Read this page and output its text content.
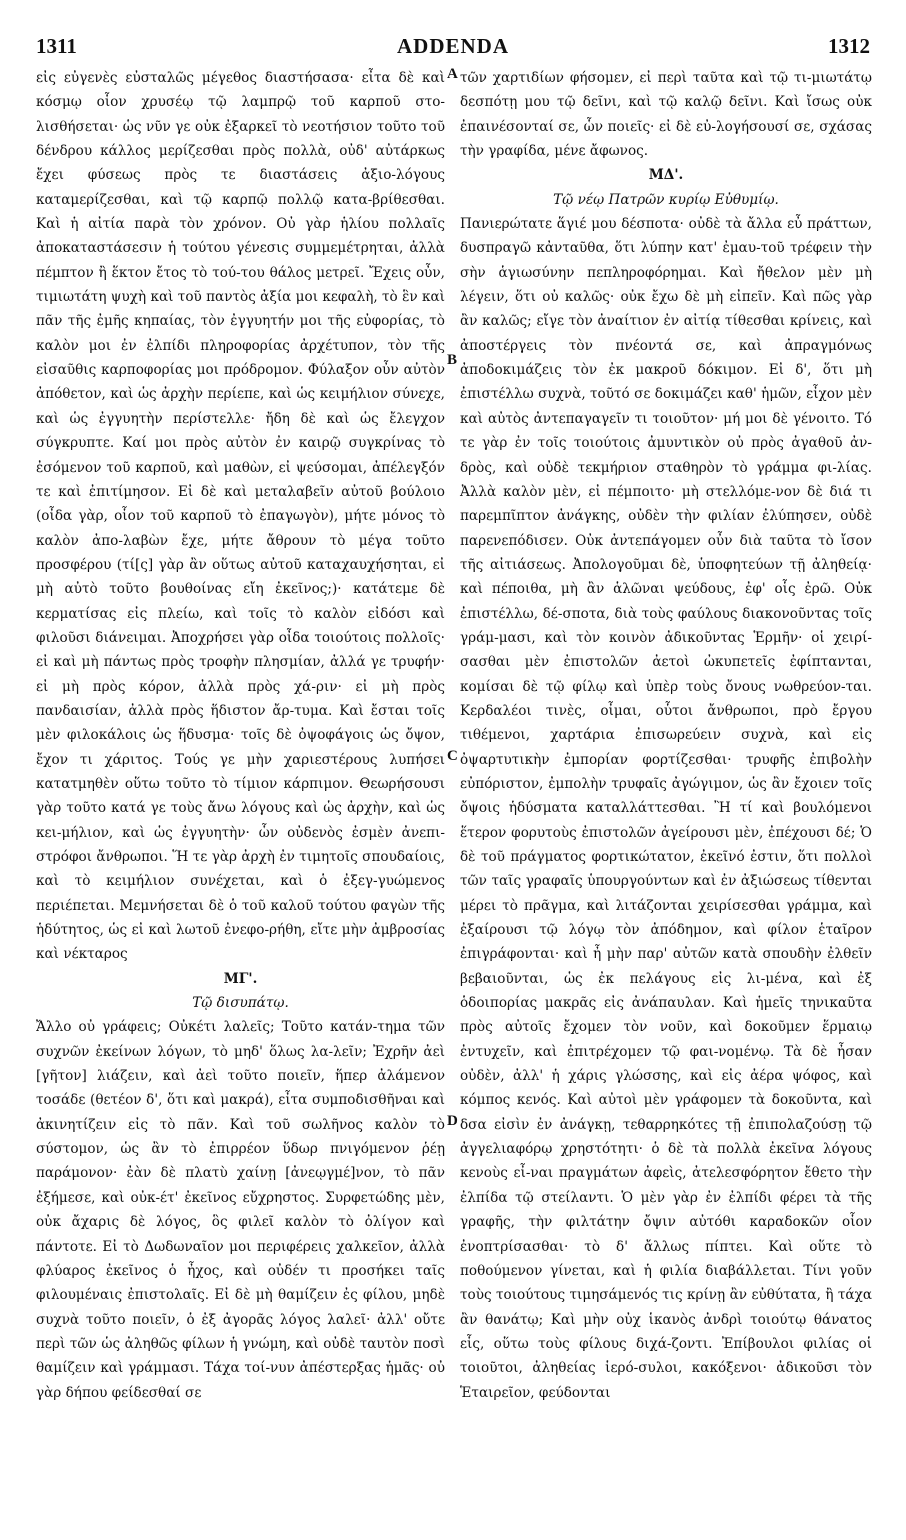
1311	ADDENDA	1312

εἰς εὐγενὲς εὐσταλῶς μέγεθος διαστήσασα· εἶτα δὲ καὶ κόσμῳ οἷον χρυσέῳ τῷ λαμπρῷ τοῦ καρποῦ στο-λισθήσεται· ὡς νῦν γε οὐκ ἐξαρκεῖ τὸ νεοτήσιον τοῦτο τοῦ δένδρου κάλλος μερίζεσθαι πρὸς πολλὰ, οὐδ' αὐτάρκως ἔχει φύσεως πρὸς τε διαστάσεις ἀξιο-λόγους καταμερίζεσθαι, καὶ τῷ καρπῷ πολλῷ κατα-βρίθεσθαι. Καὶ ἡ αἰτία παρὰ τὸν χρόνον. Οὐ γὰρ ἡλίου πολλαῖς ἀποκαταστάσεσιν ἡ τούτου γένεσις συμμεμέτρηται, ἀλλὰ πέμπτον ἢ ἕκτον ἔτος τὸ τού-του θάλος μετρεῖ. Ἔχεις οὖν, τιμιωτάτη ψυχὴ καὶ τοῦ παντὸς ἀξία μοι κεφαλὴ, τὸ ἓν καὶ πᾶν τῆς ἐμῆς κηπαίας, τὸν ἐγγυητήν μοι τῆς εὐφορίας, τὸ καλὸν μοι ἐν ἐλπίδι πληροφορίας ἀρχέτυπον, τὸν τῆς εἰσαῦθις καρποφορίας μοι πρόδρομον. Φύλαξον οὖν αὐτὸν ἀπόθετον, καὶ ὡς ἀρχὴν περίεπε, καὶ ὡς κειμήλιον σύνεχε, καὶ ὡς ἐγγυητὴν περίστελλε· ἤδη δὲ καὶ ὡς ἔλεγχον σύγκρυπτε. Καί μοι πρὸς αὐτὸν ἐν καιρῷ συγκρίνας τὸ ἐσόμενον τοῦ καρποῦ, καὶ μαθὼν, εἰ ψεύσομαι, ἀπέλεγξόν τε καὶ ἐπιτίμησον. Εἰ δὲ καὶ μεταλαβεῖν αὐτοῦ βούλοιο (οἶδα γὰρ, οἷον τοῦ καρποῦ τὸ ἐπαγωγὸν), μήτε μόνος τὸ καλὸν ἀπο-λαβὼν ἔχε, μήτε ἄθρουν τὸ μέγα τοῦτο προσφέρου (τί[ς] γὰρ ἂν οὕτως αὐτοῦ καταχαυχήσηται, εἰ μὴ αὐτὸ τοῦτο βουθοίνας εἴη ἐκεῖνος;)· κατάτεμε δὲ κερματίσας εἰς πλείω, καὶ τοῖς τὸ καλὸν εἰδόσι καὶ φιλοῦσι διάνειμαι. Ἀποχρήσει γὰρ οἶδα τοιούτοις πολλοῖς· εἰ καὶ μὴ πάντως πρὸς τροφὴν πλησμίαν, ἀλλά γε τρυφήν· εἰ μὴ πρὸς κόρον, ἀλλὰ πρὸς χά-ριν· εἰ μὴ πρὸς πανδαισίαν, ἀλλὰ πρὸς ἥδιστον ἄρ-τυμα. Καὶ ἔσται τοῖς μὲν φιλοκάλοις ὡς ἥδυσμα· τοῖς δὲ ὀψοφάγοις ὡς ὄψον, ἔχον τι χάριτος. Τούς γε μὴν χαριεστέρους λυπήσει κατατμηθὲν οὕτω τοῦτο τὸ τίμιον κάρπιμον. Θεωρήσουσι γὰρ τοῦτο κατά γε τοὺς ἄνω λόγους καὶ ὡς ἀρχὴν, καὶ ὡς κει-μήλιον, καὶ ὡς ἐγγυητὴν· ὧν οὐδενὸς ἐσμὲν ἀνεπι-στρόφοι ἄνθρωποι. Ἥ τε γὰρ ἀρχὴ ἐν τιμητοῖς σπουδαίοις, καὶ τὸ κειμήλιον συνέχεται, καὶ ὁ ἐξεγ-γυώμενος περιέπεται. Μεμνήσεται δὲ ὁ τοῦ καλοῦ τούτου φαγὼν τῆς ἡδύτητος, ὡς εἰ καὶ λωτοῦ ἐνεφο-ρήθη, εἴτε μὴν ἀμβροσίας καὶ νέκταρος

ΜΓ'.

Τῷ δισυπάτῳ.

Ἄλλο οὐ γράφεις; Οὐκέτι λαλεῖς; Τοῦτο κατάν-τημα τῶν συχνῶν ἐκείνων λόγων, τὸ μηδ' ὅλως λα-λεῖν; Ἐχρῆν ἀεὶ [γῆτον] λιάζειν, καὶ ἀεὶ τοῦτο ποιεῖν, ἥπερ ἀλάμενον τοσάδε (θετέον δ', ὅτι καὶ μακρά), εἶτα συμποδισθῆναι καὶ ἀκινητίζειν εἰς τὸ πᾶν. Καὶ τοῦ σωλῆνος καλὸν τὸ σύστομον, ὡς ἂν τὸ ἐπιρρέον ὕδωρ πνιγόμενον ῥέῃ παράμονον· ἐὰν δὲ πλατὺ χαίνῃ [ἀνεῳγμέ]νον, τὸ πᾶν ἐξήμεσε, καὶ οὐκ-έτ' ἐκεῖνος εὔχρηστος. Συρφετώδης μὲν, οὐκ ἄχαρις δὲ λόγος, ὃς φιλεῖ καλὸν τὸ ὀλίγον καὶ πάντοτε. Εἰ τὸ Δωδωναῖον μοι περιφέρεις χαλκεῖον, ἀλλὰ φλύαρος ἐκεῖνος ὁ ἦχος, καὶ οὐδέν τι προσήκει ταῖς φιλουμέναις ἐπιστολαῖς. Εἰ δὲ μὴ θαμίζειν ἐς φίλου, μηδὲ συχνὰ τοῦτο ποιεῖν, ὁ ἐξ ἀγορᾶς λόγος λαλεῖ· ἀλλ' οὔτε περὶ τῶν ὡς ἀληθῶς φίλων ἡ γνώμη, καὶ οὐδὲ ταυτὸν ποσὶ θαμίζειν καὶ γράμμασι. Τάχα τοί-νυν ἀπέστερξας ἡμᾶς· οὐ γὰρ δήπου φείδεσθαί σε

τῶν χαρτιδίων φήσομεν, εἰ περὶ ταῦτα καὶ τῷ τι-μιωτάτῳ δεσπότῃ μου τῷ δεῖνι, καὶ τῷ καλῷ δεῖνι. Καὶ ἴσως οὐκ ἐπαινέσονταί σε, ὧν ποιεῖς· εἰ δὲ εὐ-λογήσουσί σε, σχάσας τὴν γραφίδα, μένε ἄφωνος.

ΜΔ'.

Τῷ νέῳ Πατρῶν κυρίῳ Εὐθυμίῳ.

Πανιερώτατε ἅγιέ μου δέσποτα· οὐδὲ τὰ ἄλλα εὖ πράττων, δυσπραγῶ κἀνταῦθα, ὅτι λύπην κατ' ἐμαυ-τοῦ τρέφειν τὴν σὴν ἁγιωσύνην πεπληροφόρημαι. Καὶ ἤθελον μὲν μὴ λέγειν, ὅτι οὐ καλῶς· οὐκ ἔχω δὲ μὴ εἰπεῖν. Καὶ πῶς γὰρ ἂν καλῶς; εἴγε τὸν ἀναίτιον ἐν αἰτίᾳ τίθεσθαι κρίνεις, καὶ ἀποστέργεις τὸν πνέοντά σε, καὶ ἀπραγμόνως ἀποδοκιμάζεις τὸν ἐκ μακροῦ δόκιμον. Εἰ δ', ὅτι μὴ ἐπιστέλλω συχνὰ, τοῦτό σε δοκιμάζει καθ' ἡμῶν, εἶχον μὲν καὶ αὐτὸς ἀντεπαγαγεῖν τι τοιοῦτον· μή μοι δὲ γένοιτο. Τό τε γὰρ ἐν τοῖς τοιούτοις ἀμυντικὸν οὐ πρὸς ἀγαθοῦ ἀν-δρὸς, καὶ οὐδὲ τεκμήριον σταθηρὸν τὸ γράμμα φι-λίας. Ἀλλὰ καλὸν μὲν, εἰ πέμποιτο· μὴ στελλόμε-νον δὲ διά τι παρεμπῖπτον ἀνάγκης, οὐδὲν τὴν φιλίαν ἐλύπησεν, οὐδὲ παρενεπόδισεν. Οὐκ ἀντεπάγομεν οὖν διὰ ταῦτα τὸ ἴσον τῆς αἰτιάσεως. Ἀπολογοῦμαι δὲ, ὑποφητεύων τῇ ἀληθείᾳ· καὶ πέποιθα, μὴ ἂν ἁλῶναι ψεύδους, ἐφ' οἷς ἐρῶ. Οὐκ ἐπιστέλλω, δέ-σποτα, διὰ τοὺς φαύλους διακονοῦντας τοῖς γράμ-μασι, καὶ τὸν κοινὸν ἀδικοῦντας Ἑρμῆν· οἱ χειρί-σασθαι μὲν ἐπιστολῶν ἀετοὶ ὠκυπετεῖς ἐφίπτανται, κομίσαι δὲ τῷ φίλῳ καὶ ὑπὲρ τοὺς ὄνους νωθρεύον-ται. Κερδαλέοι τινὲς, οἶμαι, οὗτοι ἄνθρωποι, πρὸ ἔργου τιθέμενοι, χαρτάρια ἐπισωρεύειν συχνὰ, καὶ εἰς ὀψαρτυτικὴν ἐμπορίαν φορτίζεσθαι· τρυφῆς ἐπιβολὴν εὐπόριστον, ἐμπολὴν τρυφαῖς ἀγώγιμον, ὡς ἂν ἔχοιεν τοῖς ὄψοις ἡδύσματα καταλλάττεσθαι. Ἢ τί καὶ βουλόμενοι ἕτερον φορυτοὺς ἐπιστολῶν ἀγείρουσι μὲν, ἐπέχουσι δέ; Ὁ δὲ τοῦ πράγματος φορτικώτατον, ἐκεῖνό ἐστιν, ὅτι πολλοὶ τῶν ταῖς γραφαῖς ὑπουργούντων καὶ ἐν ἀξιώσεως τίθενται μέρει τὸ πρᾶγμα, καὶ λιτάζονται χειρίσεσθαι γράμμα, καὶ ἐξαίρουσι τῷ λόγῳ τὸν ἀπόδημον, καὶ φίλον ἑταῖρον ἐπιγράφονται· καὶ ἦ μὴν παρ' αὐτῶν κατὰ σπουδὴν ἐλθεῖν βεβαιοῦνται, ὡς ἐκ πελάγους εἰς λι-μένα, καὶ ἐξ ὁδοιπορίας μακρᾶς εἰς ἀνάπαυλαν. Καὶ ἡμεῖς τηνικαῦτα πρὸς αὐτοῖς ἔχομεν τὸν νοῦν, καὶ δοκοῦμεν ἕρμαιῳ ἐντυχεῖν, καὶ ἐπιτρέχομεν τῷ φαι-νομένῳ. Τὰ δὲ ἦσαν οὐδὲν, ἀλλ' ἡ χάρις γλώσσης, καὶ εἰς ἀέρα ψόφος, καὶ κόμπος κενός. Καὶ αὐτοὶ μὲν γράφομεν τὰ δοκοῦντα, καὶ δσα εἰσὶν ἐν ἀνάγκῃ, τεθαρρηκότες τῇ ἐπιπολαζούσῃ τῷ ἀγγελιαφόρῳ χρηστότητι· ὁ δὲ τὰ πολλὰ ἐκεῖνα λόγους κενοὺς εἶ-ναι πραγμάτων ἀφεὶς, ἀτελεσφόρητον ἔθετο τὴν ἐλπίδα τῷ στείλαντι. Ὁ μὲν γὰρ ἐν ἐλπίδι φέρει τὰ τῆς γραφῆς, τὴν φιλτάτην ὄψιν αὐτόθι καραδοκῶν οἷον ἐνοπτρίσασθαι· τὸ δ' ἄλλως πίπτει. Καὶ οὕτε τὸ ποθούμενον γίνεται, καὶ ἡ φιλία διαβάλλεται. Τίνι γοῦν τοὺς τοιούτους τιμησάμενός τις κρίνῃ ἂν εὐθύτατα, ἢ τάχα ἂν θανάτῳ; Καὶ μὴν οὐχ ἱκανὸς ἀνδρὶ τοιούτῳ θάνατος εἷς, οὕτω τοὺς φίλους διχά-ζοντι. Ἐπίβουλοι φιλίας οἱ τοιοῦτοι, ἀληθείας ἱερό-συλοι, κακόξενοι· ἀδικοῦσι τὸν Ἑταιρεῖον, φεύδονται

A
B
C
D
